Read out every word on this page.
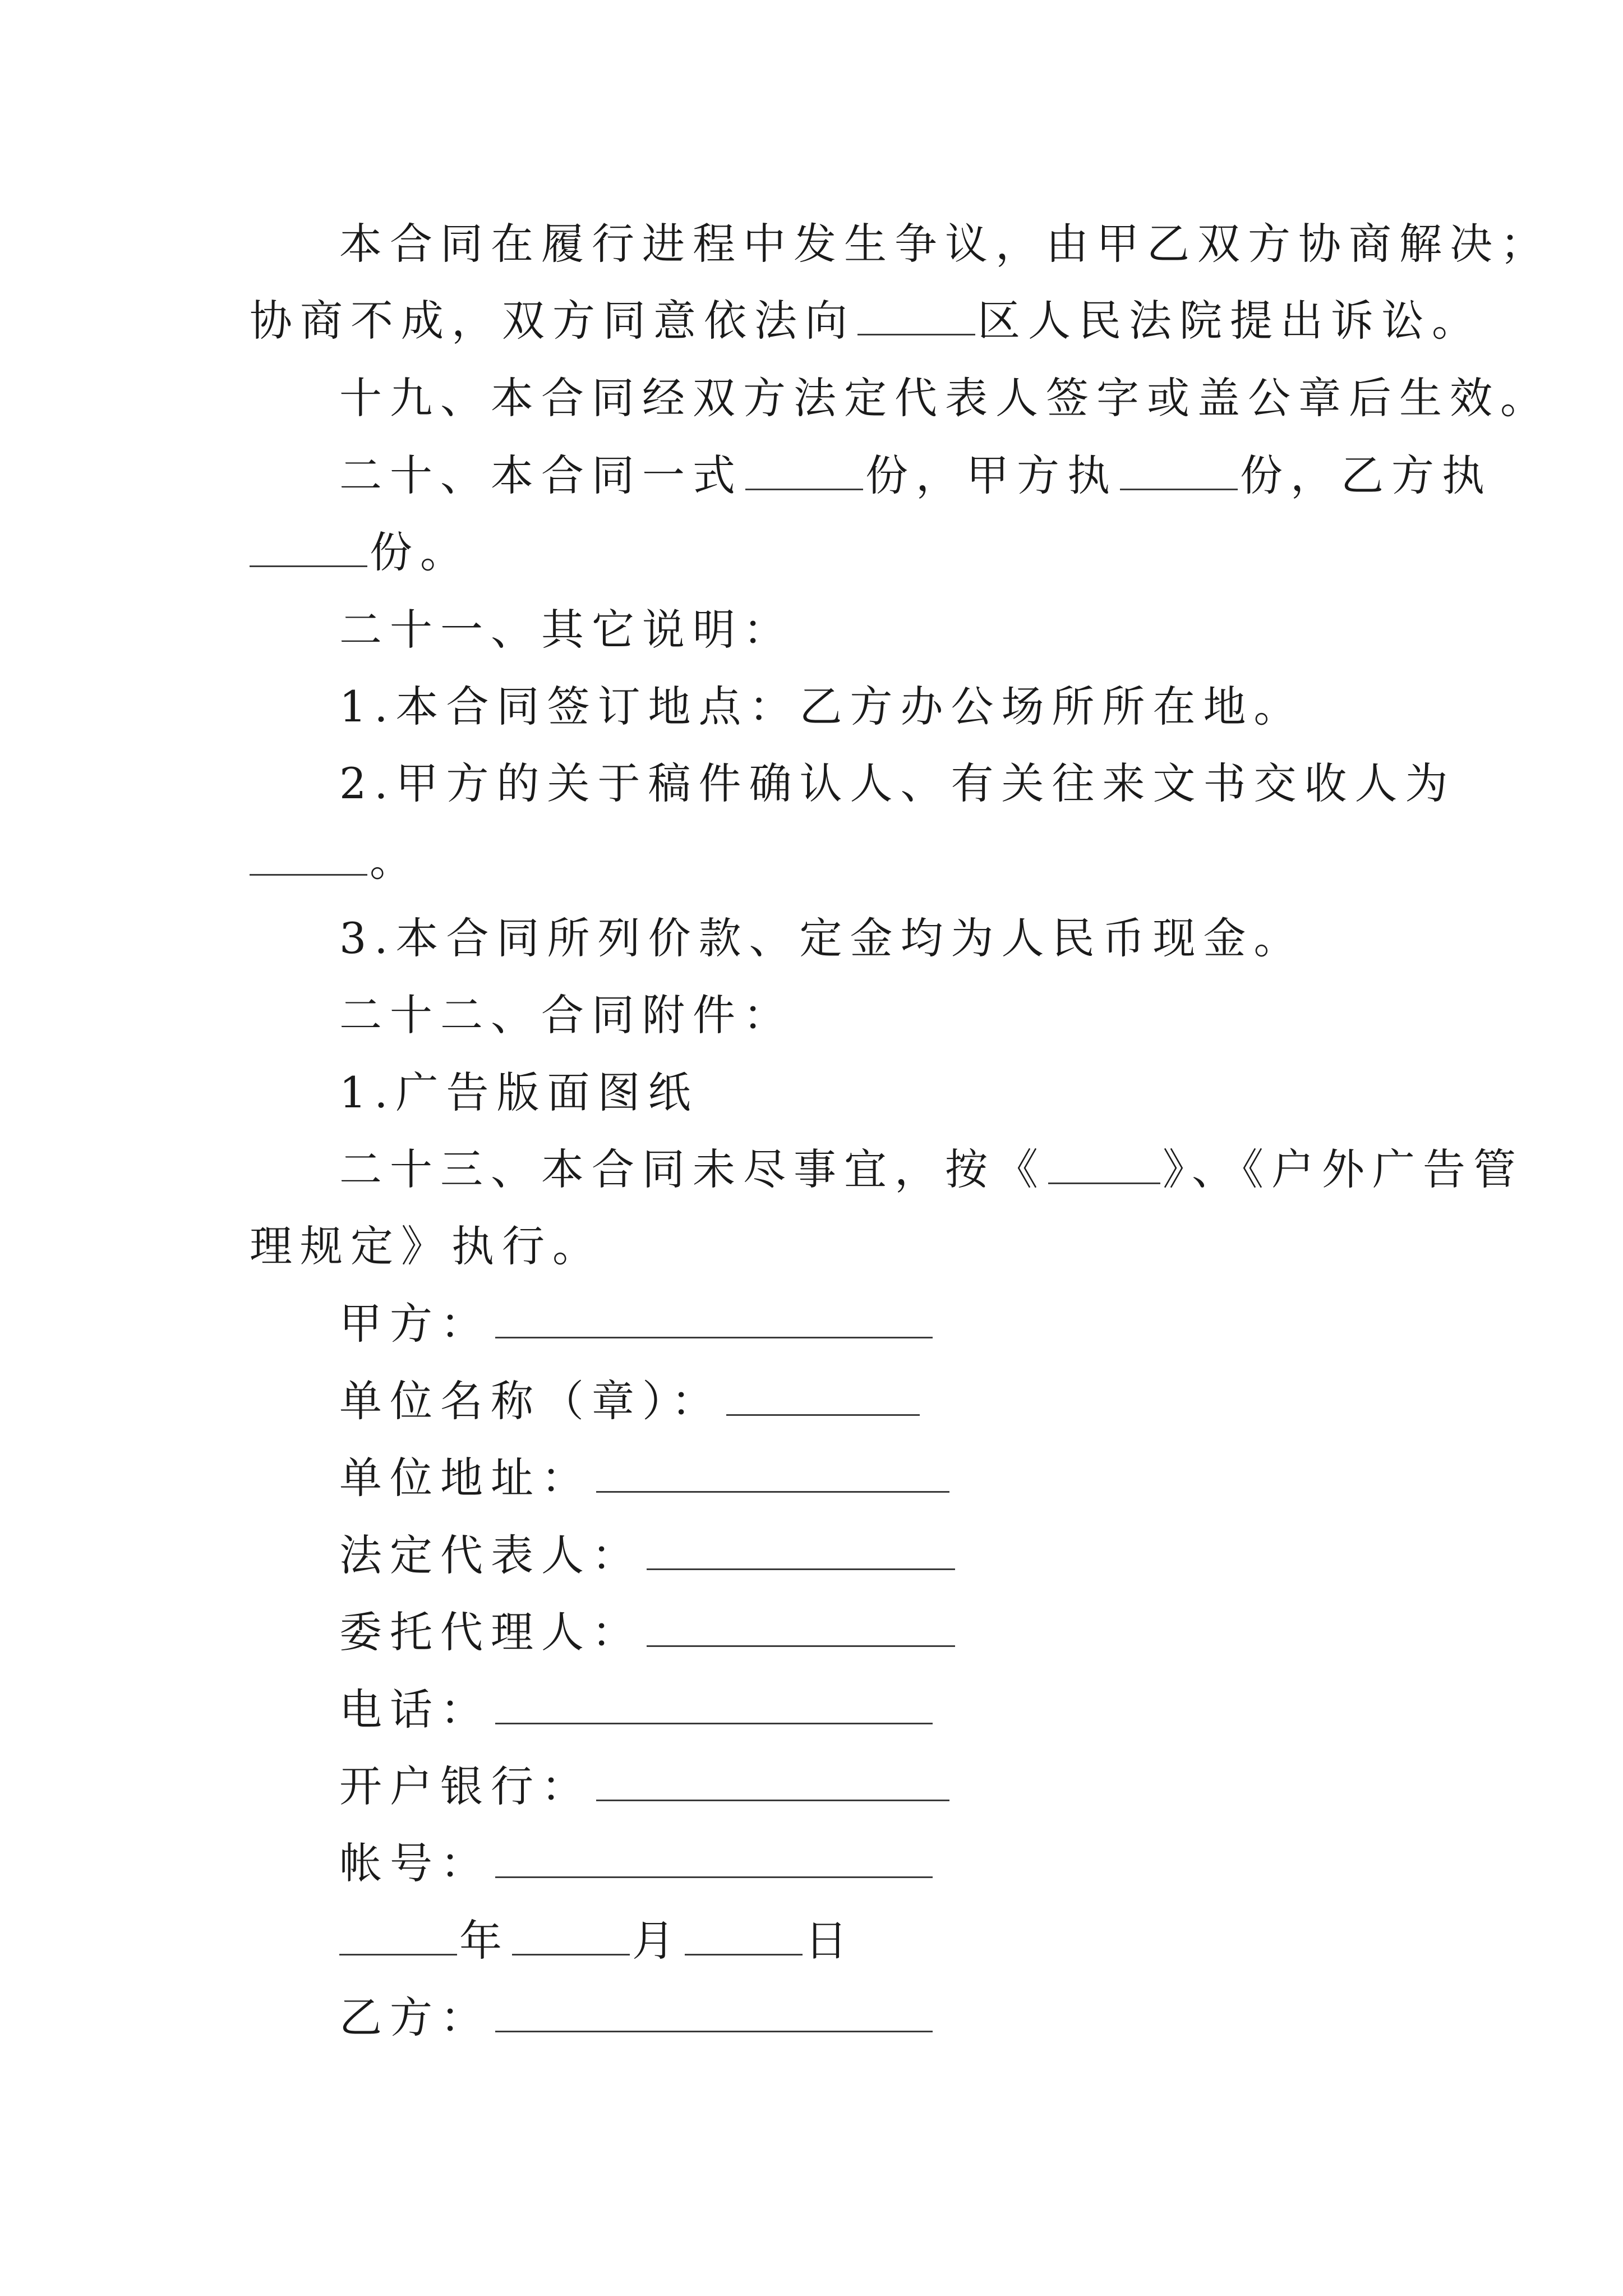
本合同在履行进程中发生争议，由甲乙双方协商解决；
协商不成，双方同意依法向	区人民法院提出诉讼。
十九、本合同经双方法定代表人签字或盖公章后生效。
二十、本合同一式	份，甲方执	份，乙方执
份。
二十一、其它说明：
1.本合同签订地点：乙方办公场所所在地。
2.甲方的关于稿件确认人、有关往来文书交收人为
。
3.本合同所列价款、定金均为人民币现金。
二十二、合同附件：
1.广告版面图纸
二十三、本合同未尽事宜，按《	》、《户外广告管
理规定》执行。
甲方：
单位名称（章）：
单位地址：
法定代表人：
委托代理人：
电话：
开户银行：
帐号：
年	月	日
乙方：
